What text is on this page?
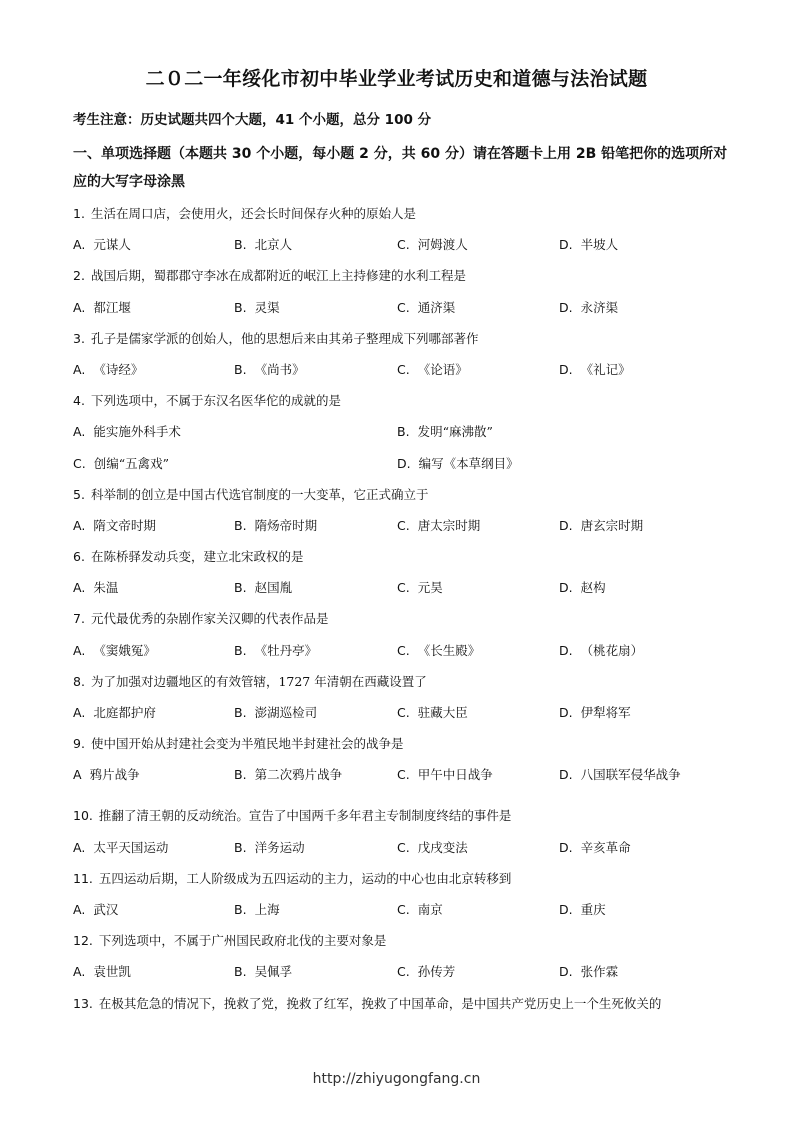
二０二一年绥化市初中毕业学业考试历史和道德与法治试题
考生注意：历史试题共四个大题，41 个小题，总分 100 分
一、单项选择题（本题共 30 个小题，每小题 2 分，共 60 分）请在答题卡上用 2B 铅笔把你的选项所对应的大写字母涂黑
1. 生活在周口店，会使用火，还会长时间保存火种的原始人是
A. 元谋人	B. 北京人	C. 河姆渡人	D. 半坡人
2. 战国后期，蜀郡郡守李冰在成都附近的岷江上主持修建的水利工程是
A. 都江堰	B. 灵渠	C. 通济渠	D. 永济渠
3. 孔子是儒家学派的创始人，他的思想后来由其弟子整理成下列哪部著作
A. 《诗经》	B. 《尚书》	C. 《论语》	D. 《礼记》
4. 下列选项中，不属于东汉名医华佗的成就的是
A. 能实施外科手术	B. 发明“麻沸散”
C. 创编“五禽戏”	D. 编写《本草纲目》
5. 科举制的创立是中国古代选官制度的一大变革，它正式确立于
A. 隋文帝时期	B. 隋炀帝时期	C. 唐太宗时期	D. 唐玄宗时期
6. 在陈桥驿发动兵变，建立北宋政权的是
A. 朱温	B. 赵国胤	C. 元昊	D. 赵构
7. 元代最优秀的杂剧作家关汉卿的代表作品是
A. 《窦娥冤》	B. 《牡丹亭》	C. 《长生殿》	D. （桃花扇）
8. 为了加强对边疆地区的有效管辖，1727 年清朝在西藏设置了
A. 北庭都护府	B. 澎湖巡检司	C. 驻藏大臣	D. 伊犁将军
9. 使中国开始从封建社会变为半殖民地半封建社会的战争是
A 鸦片战争	B. 第二次鸦片战争	C. 甲午中日战争	D. 八国联军侵华战争
10. 推翻了清王朝的反动统治。宣告了中国两千多年君主专制制度终结的事件是
A. 太平天国运动	B. 洋务运动	C. 戊戌变法	D. 辛亥革命
11. 五四运动后期，工人阶级成为五四运动的主力，运动的中心也由北京转移到
A. 武汉	B. 上海	C. 南京	D. 重庆
12. 下列选项中，不属于广州国民政府北伐的主要对象是
A. 袁世凯	B. 吴佩孚	C. 孙传芳	D. 张作霖
13. 在极其危急的情况下，挽救了党，挽救了红军，挽救了中国革命，是中国共产党历史上一个生死攸关的
http://zhiyugongfang.cn
